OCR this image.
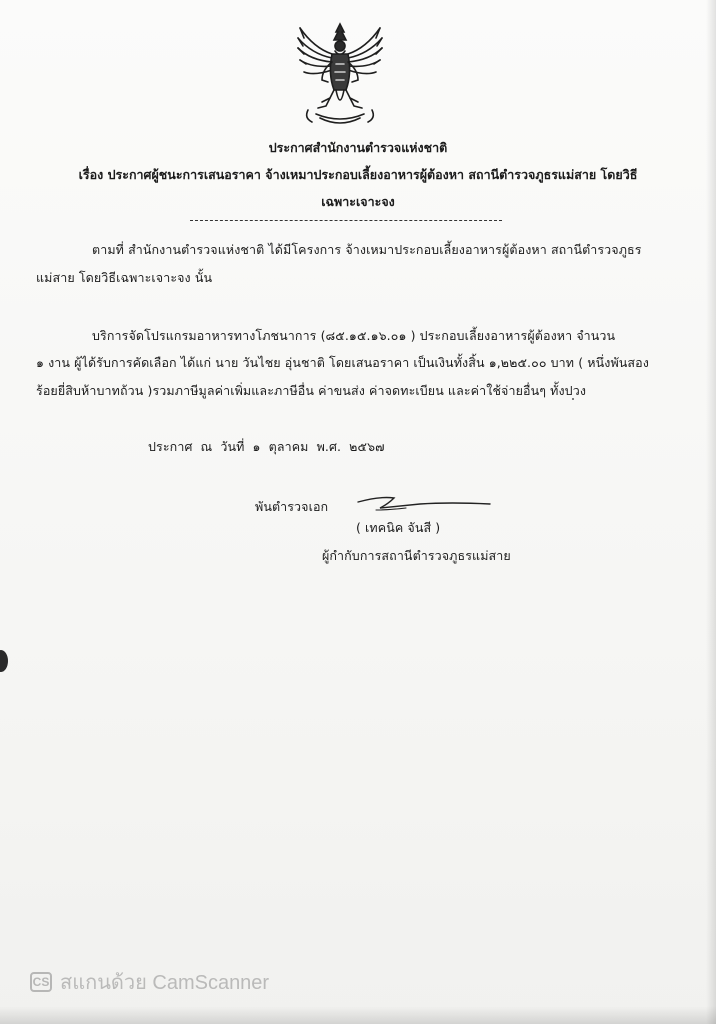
ประกาศสำนักงานตำรวจแห่งชาติ
เรื่อง ประกาศผู้ชนะการเสนอราคา จ้างเหมาประกอบเลี้ยงอาหารผู้ต้องหา สถานีตำรวจภูธรแม่สาย โดยวิธี
เฉพาะเจาะจง
ตามที่ สำนักงานตำรวจแห่งชาติ ได้มีโครงการ จ้างเหมาประกอบเลี้ยงอาหารผู้ต้องหา สถานีตำรวจภูธร
แม่สาย โดยวิธีเฉพาะเจาะจง นั้น
บริการจัดโปรแกรมอาหารทางโภชนาการ (๘๕.๑๕.๑๖.๐๑ ) ประกอบเลี้ยงอาหารผู้ต้องหา จำนวน
๑ งาน ผู้ได้รับการคัดเลือก ได้แก่ นาย วันไชย อุ่นชาติ โดยเสนอราคา เป็นเงินทั้งสิ้น ๑,๒๒๕.๐๐ บาท ( หนึ่งพันสอง
ร้อยยี่สิบห้าบาทถ้วน )รวมภาษีมูลค่าเพิ่มและภาษีอื่น ค่าขนส่ง ค่าจดทะเบียน และค่าใช้จ่ายอื่นๆ ทั้งปวง
ประกาศ ณ วันที่ ๑ ตุลาคม พ.ศ. ๒๕๖๗
พันตำรวจเอก
( เทคนิค จันสี )
ผู้กำกับการสถานีตำรวจภูธรแม่สาย
CS สแกนด้วย CamScanner
